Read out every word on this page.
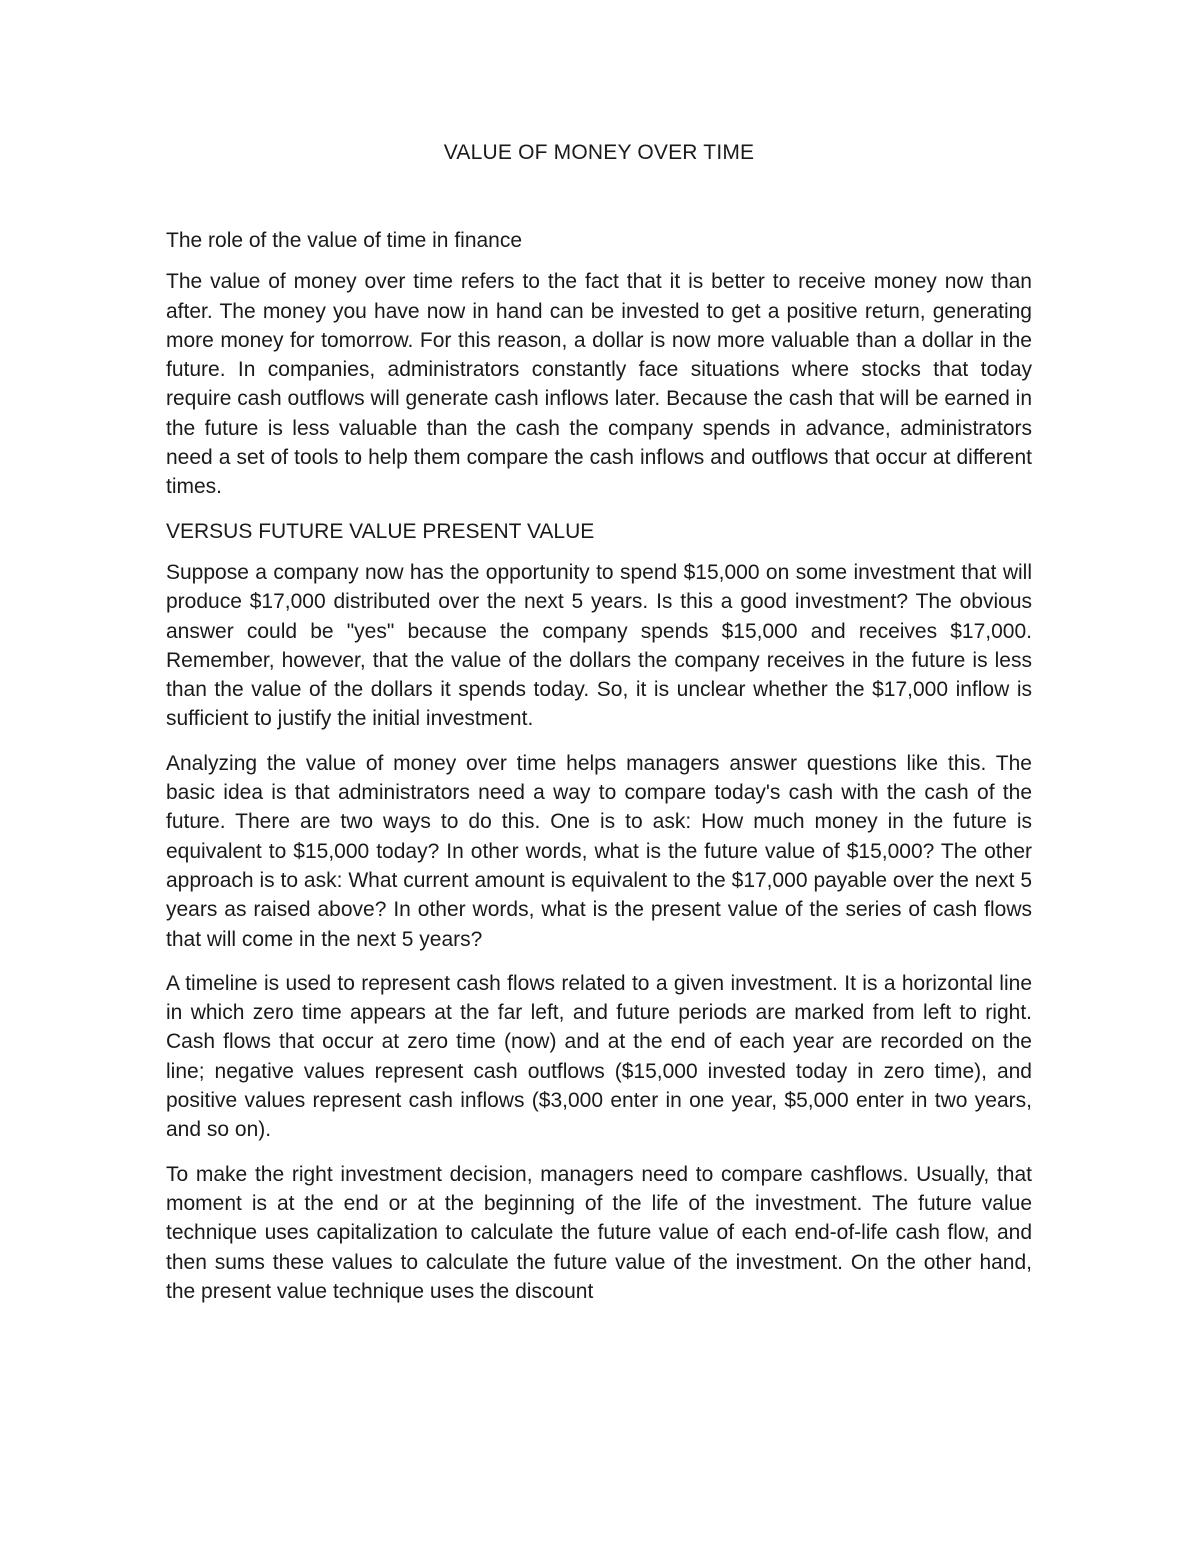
VALUE OF MONEY OVER TIME
The role of the value of time in finance

The value of money over time refers to the fact that it is better to receive money now than after. The money you have now in hand can be invested to get a positive return, generating more money for tomorrow. For this reason, a dollar is now more valuable than a dollar in the future. In companies, administrators constantly face situations where stocks that today require cash outflows will generate cash inflows later. Because the cash that will be earned in the future is less valuable than the cash the company spends in advance, administrators need a set of tools to help them compare the cash inflows and outflows that occur at different times.

VERSUS FUTURE VALUE PRESENT VALUE

Suppose a company now has the opportunity to spend $15,000 on some investment that will produce $17,000 distributed over the next 5 years. Is this a good investment? The obvious answer could be "yes" because the company spends $15,000 and receives $17,000. Remember, however, that the value of the dollars the company receives in the future is less than the value of the dollars it spends today. So, it is unclear whether the $17,000 inflow is sufficient to justify the initial investment.

Analyzing the value of money over time helps managers answer questions like this. The basic idea is that administrators need a way to compare today's cash with the cash of the future. There are two ways to do this. One is to ask: How much money in the future is equivalent to $15,000 today? In other words, what is the future value of $15,000? The other approach is to ask: What current amount is equivalent to the $17,000 payable over the next 5 years as raised above? In other words, what is the present value of the series of cash flows that will come in the next 5 years?

A timeline is used to represent cash flows related to a given investment. It is a horizontal line in which zero time appears at the far left, and future periods are marked from left to right. Cash flows that occur at zero time (now) and at the end of each year are recorded on the line; negative values represent cash outflows ($15,000 invested today in zero time), and positive values represent cash inflows ($3,000 enter in one year, $5,000 enter in two years, and so on).

To make the right investment decision, managers need to compare cashflows. Usually, that moment is at the end or at the beginning of the life of the investment. The future value technique uses capitalization to calculate the future value of each end-of-life cash flow, and then sums these values to calculate the future value of the investment. On the other hand, the present value technique uses the discount
